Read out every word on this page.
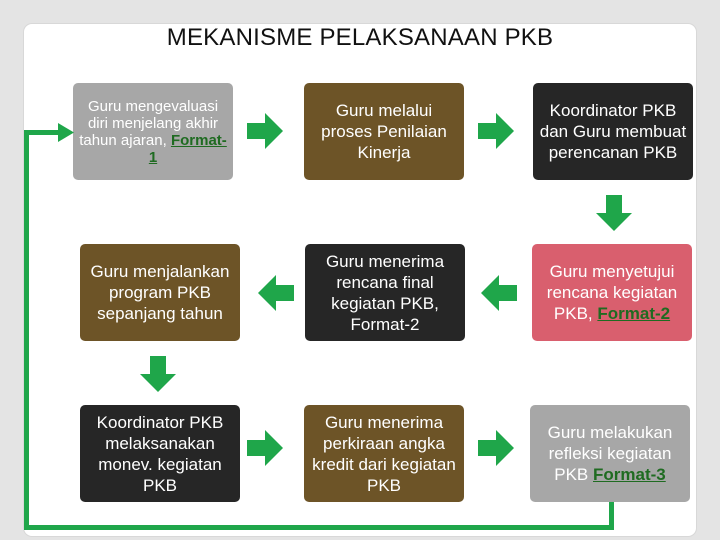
MEKANISME PELAKSANAAN PKB
Guru mengevaluasi diri menjelang akhir tahun ajaran, Format-1
Guru melalui proses Penilaian Kinerja
Koordinator PKB dan Guru membuat perencanan PKB
Guru menjalankan program PKB sepanjang tahun
Guru menerima rencana final kegiatan PKB, Format-2
Guru menyetujui rencana kegiatan PKB, Format-2
Koordinator PKB melaksanakan monev. kegiatan PKB
Guru menerima perkiraan angka kredit dari kegiatan PKB
Guru melakukan refleksi kegiatan PKB Format-3
